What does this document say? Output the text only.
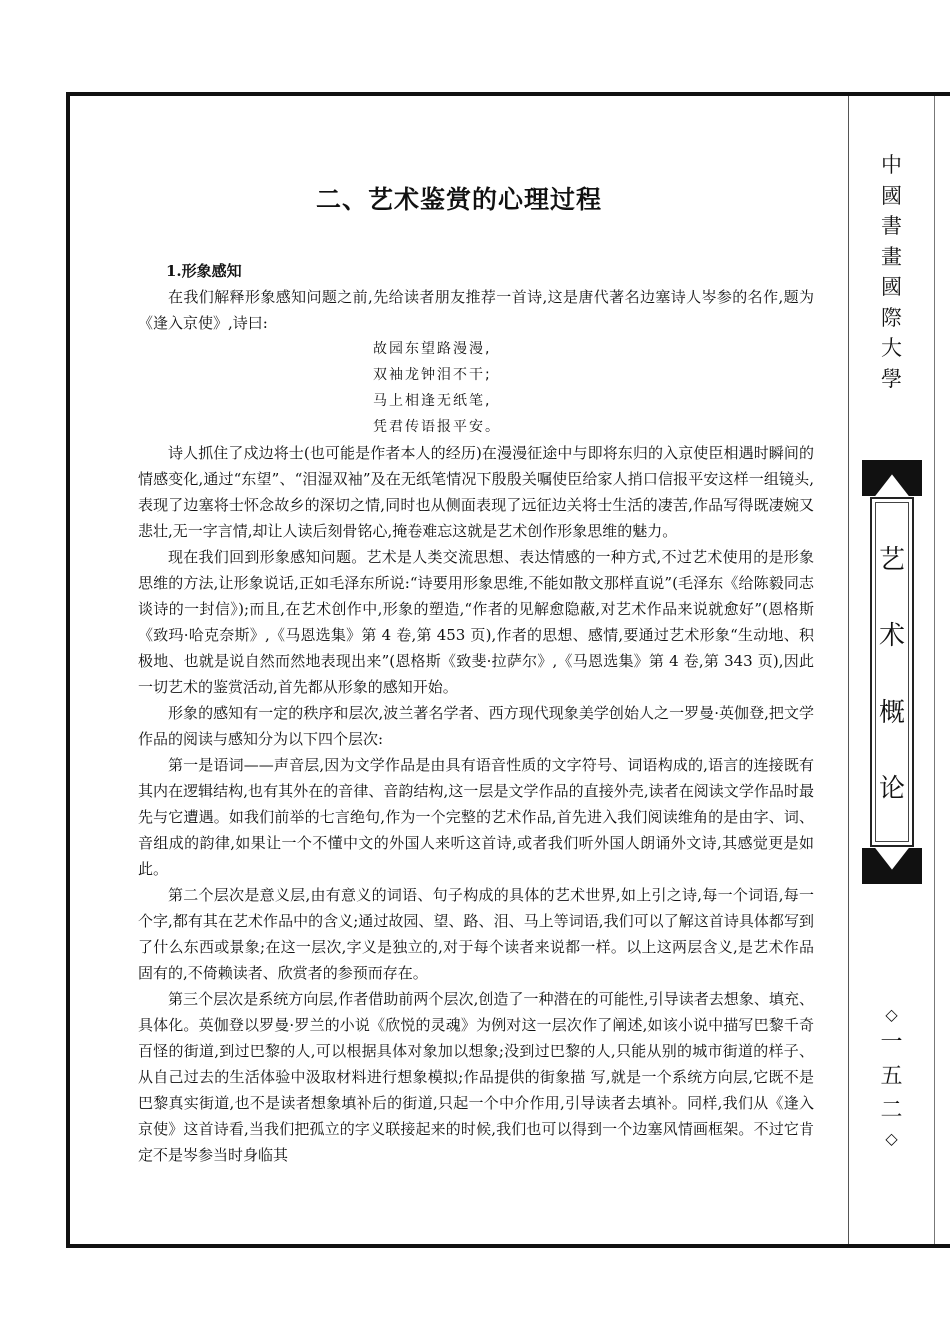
二、艺术鉴赏的心理过程
1.形象感知

在我们解释形象感知问题之前,先给读者朋友推荐一首诗,这是唐代著名边塞诗人岑参的名作,题为《逢入京使》,诗曰:

故园东望路漫漫,
双袖龙钟泪不干;
马上相逢无纸笔,
凭君传语报平安。

诗人抓住了戍边将士(也可能是作者本人的经历)在漫漫征途中与即将东归的入京使臣相遇时瞬间的情感变化,通过“东望”、“泪湿双袖”及在无纸笔情况下殷殷关嘱使臣给家人捎口信报平安这样一组镜头,表现了边塞将士怀念故乡的深切之情,同时也从侧面表现了远征边关将士生活的凄苦,作品写得既凄婉又悲壮,无一字言情,却让人读后刻骨铭心,掩卷难忘这就是艺术创作形象思维的魅力。

现在我们回到形象感知问题。艺术是人类交流思想、表达情感的一种方式,不过艺术使用的是形象思维的方法,让形象说话,正如毛泽东所说:“诗要用形象思维,不能如散文那样直说”(毛泽东《给陈毅同志谈诗的一封信》);而且,在艺术创作中,形象的塑造,“作者的见解愈隐蔽,对艺术作品来说就愈好”(恩格斯《致玛·哈克奈斯》,《马恩选集》第 4 卷,第 453 页),作者的思想、感情,要通过艺术形象“生动地、积极地、也就是说自然而然地表现出来”(恩格斯《致斐·拉萨尔》,《马恩选集》第 4 卷,第 343 页),因此一切艺术的鉴赏活动,首先都从形象的感知开始。

形象的感知有一定的秩序和层次,波兰著名学者、西方现代现象美学创始人之一罗曼·英伽登,把文学作品的阅读与感知分为以下四个层次:

第一是语词——声音层,因为文学作品是由具有语音性质的文字符号、词语构成的,语言的连接既有其内在逻辑结构,也有其外在的音律、音韵结构,这一层是文学作品的直接外壳,读者在阅读文学作品时最先与它遭遇。如我们前举的七言绝句,作为一个完整的艺术作品,首先进入我们阅读维角的是由字、词、音组成的韵律,如果让一个不懂中文的外国人来听这首诗,或者我们听外国人朗诵外文诗,其感觉更是如此。

第二个层次是意义层,由有意义的词语、句子构成的具体的艺术世界,如上引之诗,每一个词语,每一个字,都有其在艺术作品中的含义;通过故园、望、路、泪、马上等词语,我们可以了解这首诗具体都写到了什么东西或景象;在这一层次,字义是独立的,对于每个读者来说都一样。以上这两层含义,是艺术作品固有的,不倚赖读者、欣赏者的参预而存在。

第三个层次是系统方向层,作者借助前两个层次,创造了一种潜在的可能性,引导读者去想象、填充、具体化。英伽登以罗曼·罗兰的小说《欣悦的灵魂》为例对这一层次作了阐述,如该小说中描写巴黎千奇百怪的街道,到过巴黎的人,可以根据具体对象加以想象;没到过巴黎的人,只能从别的城市街道的样子、从自己过去的生活体验中汲取材料进行想象模拟;作品提供的街象描 写,就是一个系统方向层,它既不是巴黎真实街道,也不是读者想象填补后的街道,只起一个中介作用,引导读者去填补。同样,我们从《逢入京使》这首诗看,当我们把孤立的字义联接起来的时候,我们也可以得到一个边塞风情画框架。不过它肯定不是岑参当时身临其

中
國
書
畫
國
際
大
學
艺
术
概
论
◇
一
五
二
◇
